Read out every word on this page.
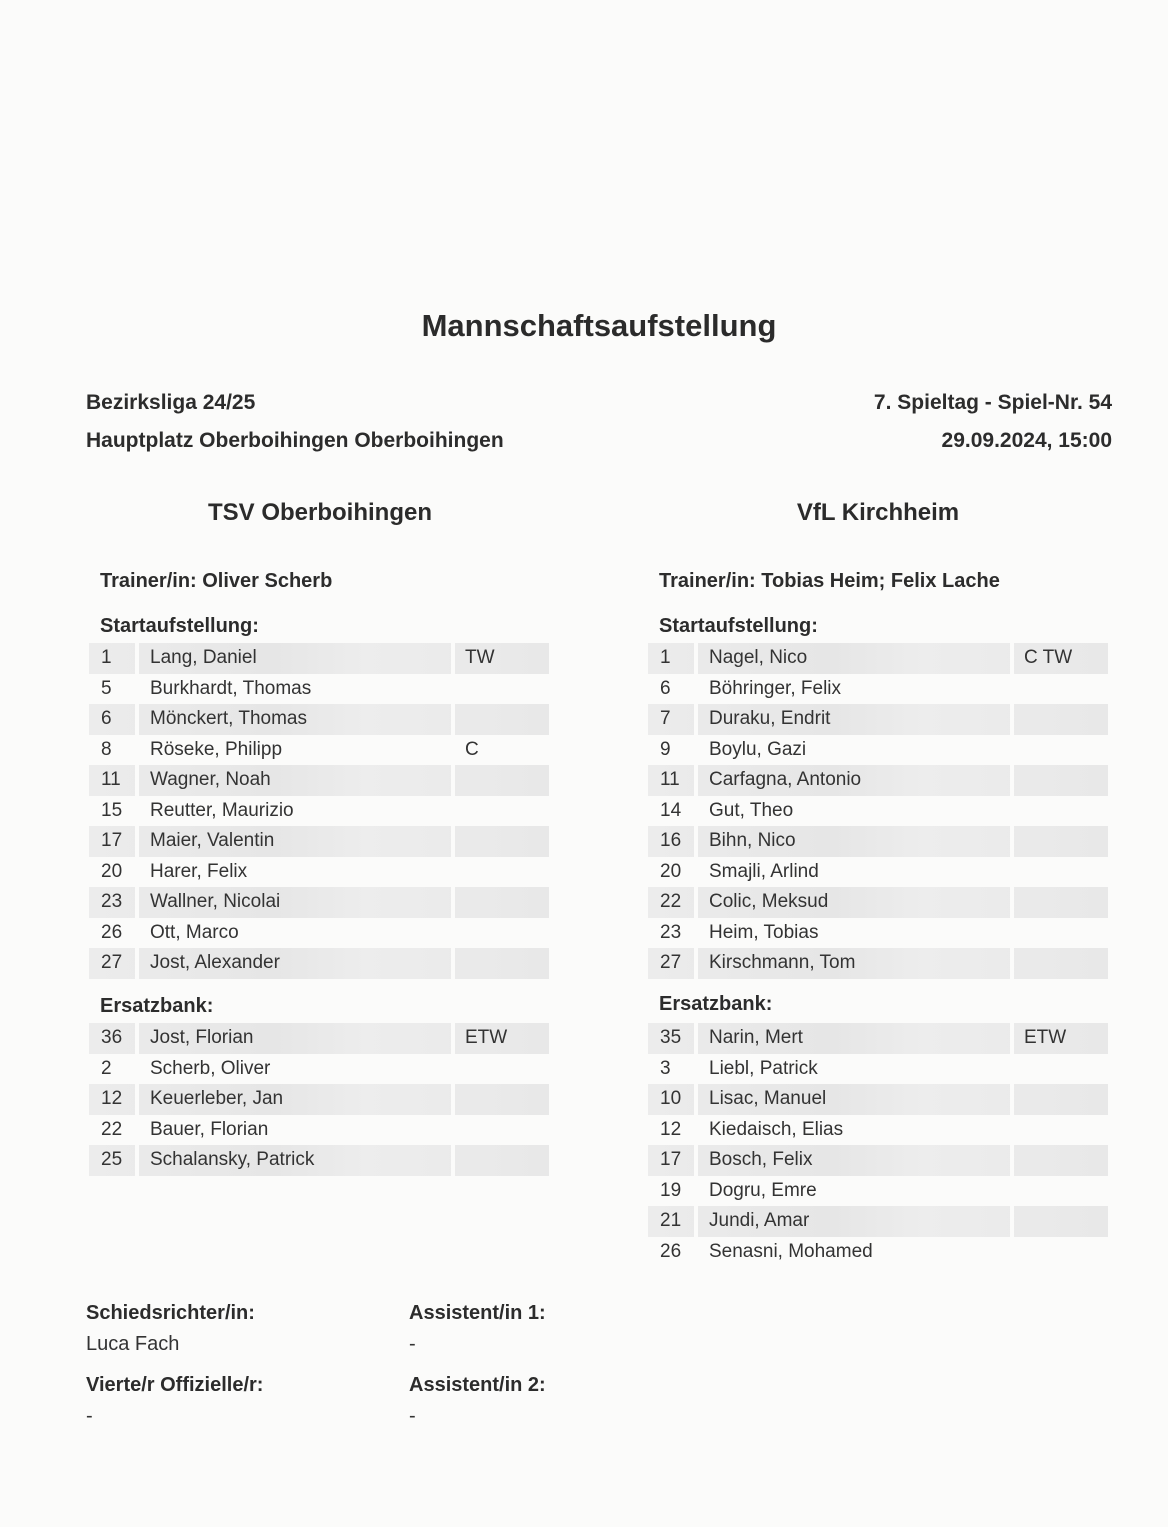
Mannschaftsaufstellung
Bezirksliga 24/25
Hauptplatz Oberboihingen Oberboihingen
7. Spieltag - Spiel-Nr. 54
29.09.2024, 15:00
TSV Oberboihingen
Trainer/in: Oliver Scherb
Startaufstellung:
1 Lang, Daniel	TW
5 Burkhardt, Thomas
6 Mönckert, Thomas
8 Röseke, Philipp	C
11 Wagner, Noah
15 Reutter, Maurizio
17 Maier, Valentin
20 Harer, Felix
23 Wallner, Nicolai
26 Ott, Marco
27 Jost, Alexander
Ersatzbank:
36 Jost, Florian	ETW
2 Scherb, Oliver
12 Keuerleber, Jan
22 Bauer, Florian
25 Schalansky, Patrick
VfL Kirchheim
Trainer/in: Tobias Heim; Felix Lache
Startaufstellung:
1 Nagel, Nico	C TW
6 Böhringer, Felix
7 Duraku, Endrit
9 Boylu, Gazi
11 Carfagna, Antonio
14 Gut, Theo
16 Bihn, Nico
20 Smajli, Arlind
22 Colic, Meksud
23 Heim, Tobias
27 Kirschmann, Tom
Ersatzbank:
35 Narin, Mert	ETW
3 Liebl, Patrick
10 Lisac, Manuel
12 Kiedaisch, Elias
17 Bosch, Felix
19 Dogru, Emre
21 Jundi, Amar
26 Senasni, Mohamed
Schiedsrichter/in:
Luca Fach
Assistent/in 1:
-
Vierte/r Offizielle/r:
-
Assistent/in 2:
-
